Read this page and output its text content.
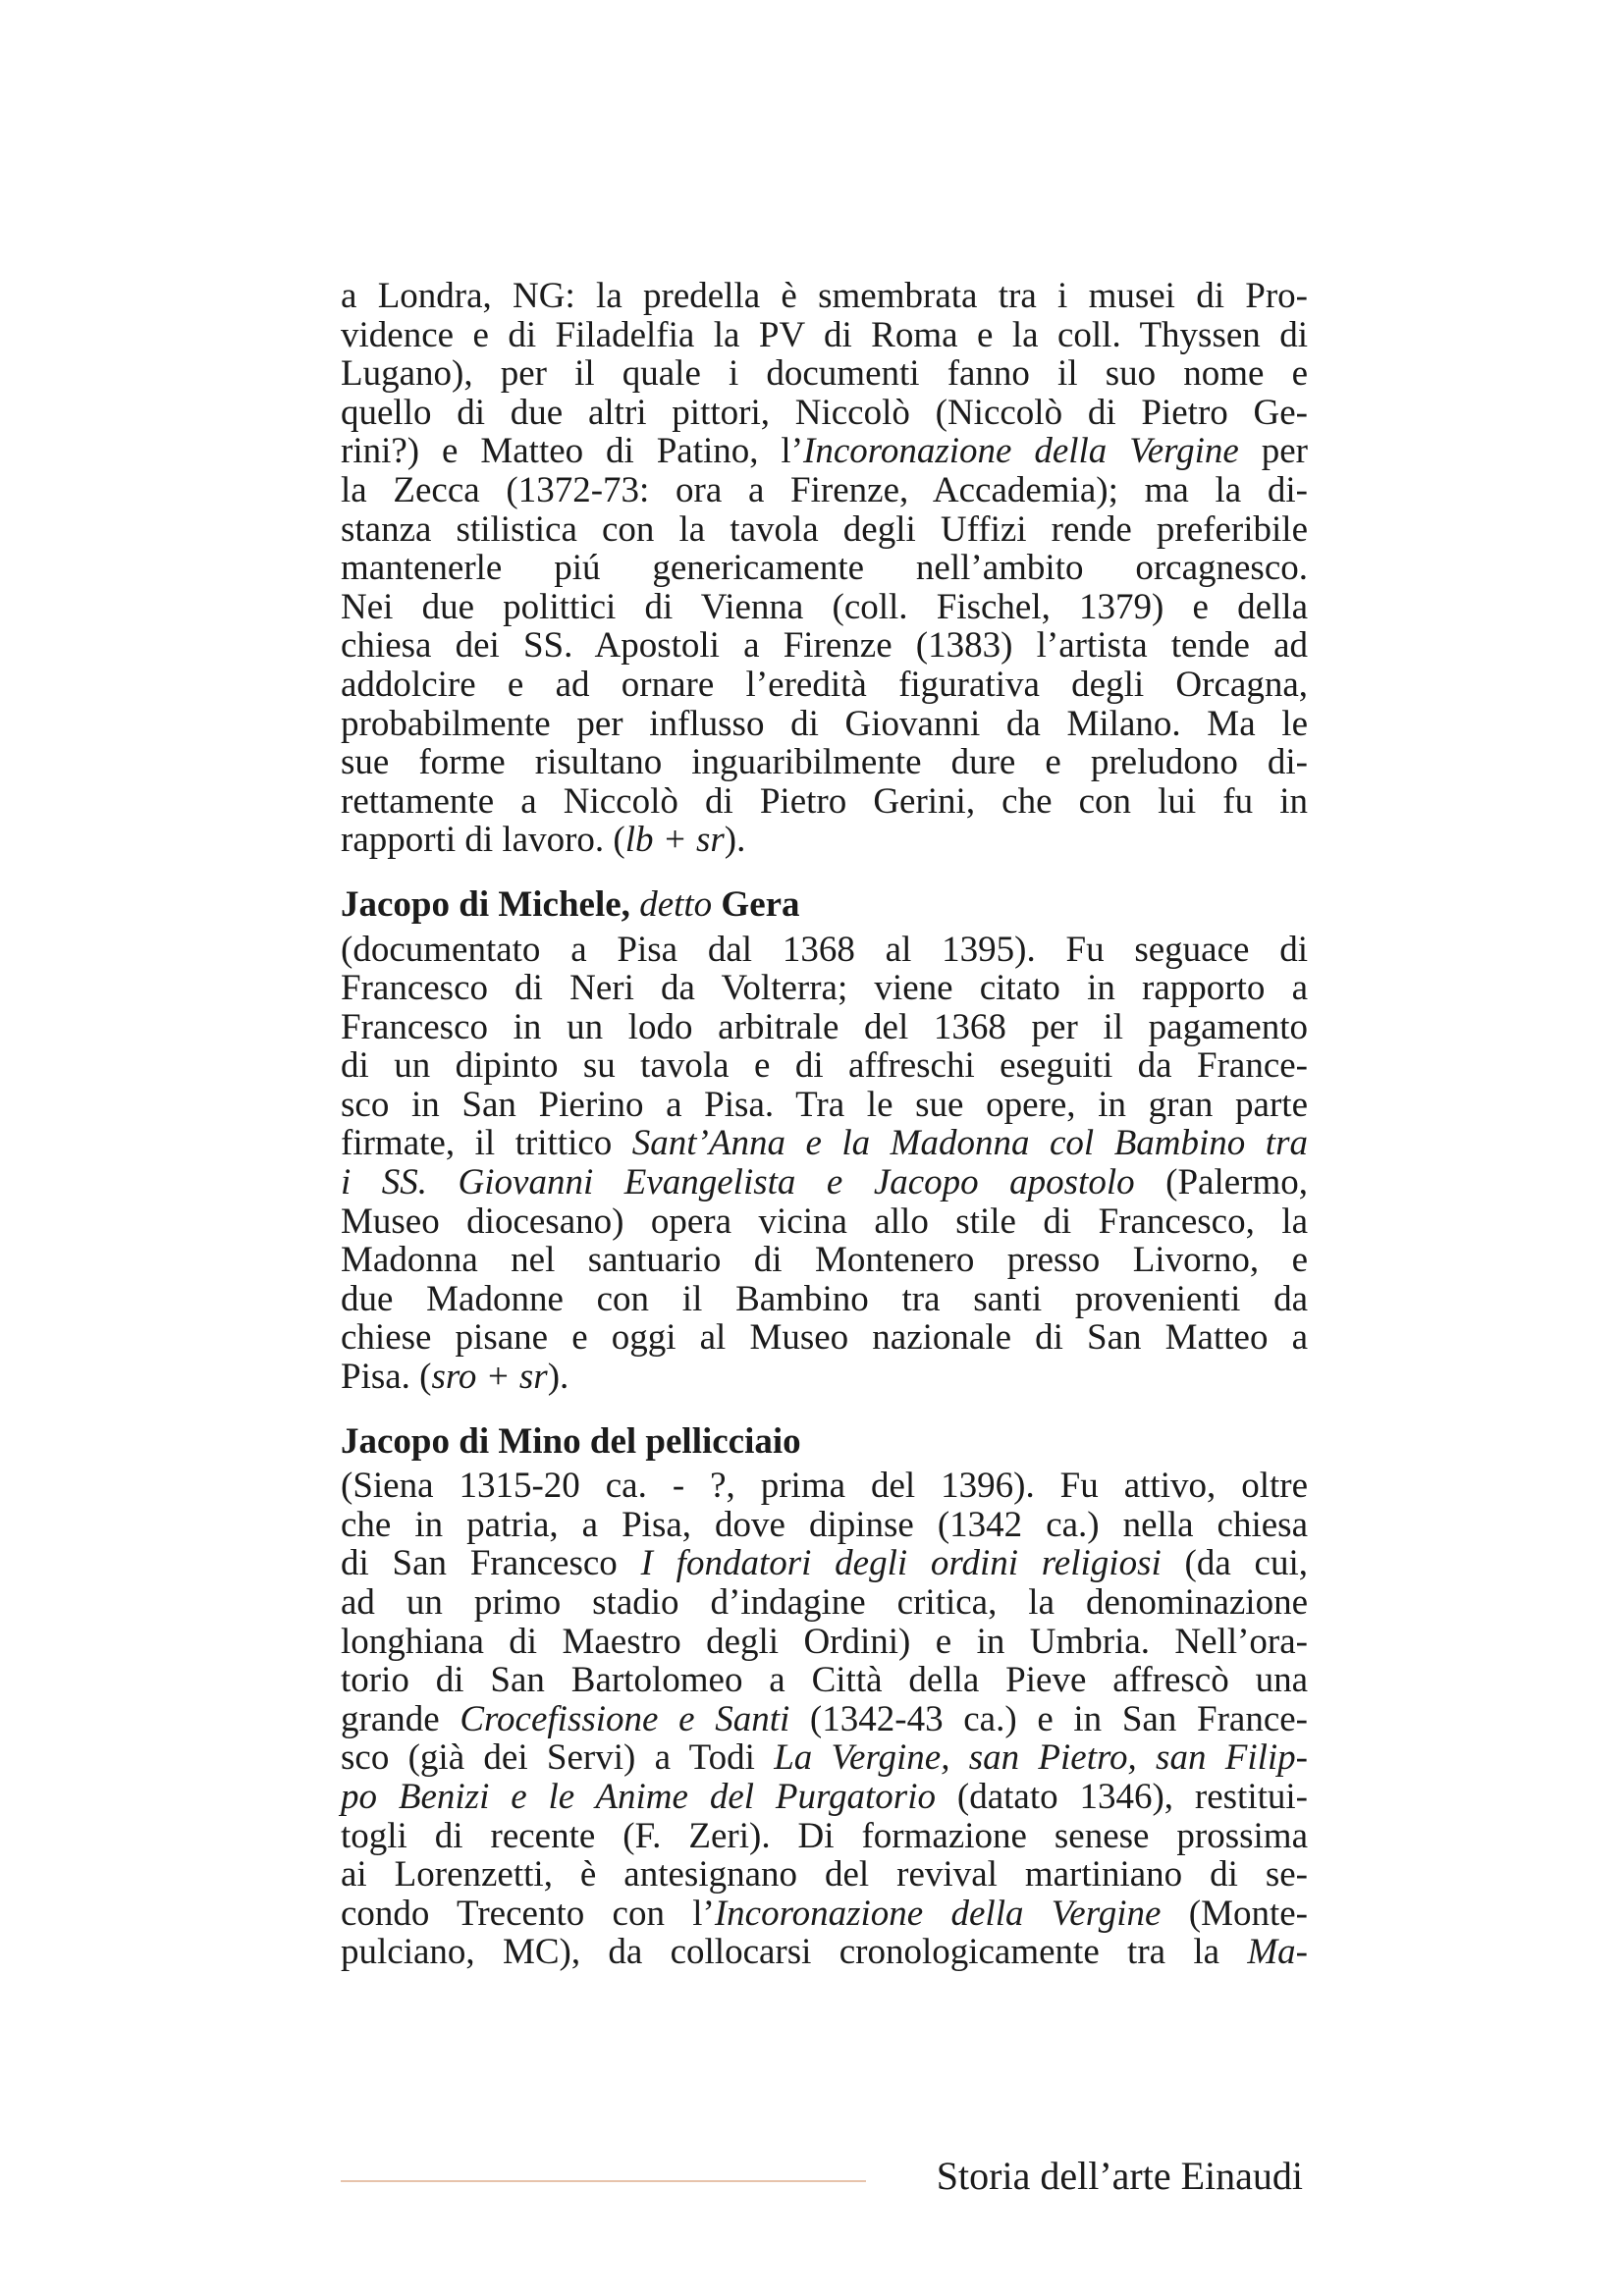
a Londra, NG: la predella è smembrata tra i musei di Pro-
vidence e di Filadelfia la PV di Roma e la coll. Thyssen di
Lugano), per il quale i documenti fanno il suo nome e
quello di due altri pittori, Niccolò (Niccolò di Pietro Ge-
rini?) e Matteo di Patino, l’Incoronazione della Vergine per
la Zecca (1372-73: ora a Firenze, Accademia); ma la di-
stanza stilistica con la tavola degli Uffizi rende preferibile
mantenerle piú genericamente nell’ambito orcagnesco.
Nei due polittici di Vienna (coll. Fischel, 1379) e della
chiesa dei SS. Apostoli a Firenze (1383) l’artista tende ad
addolcire e ad ornare l’eredità figurativa degli Orcagna,
probabilmente per influsso di Giovanni da Milano. Ma le
sue forme risultano inguaribilmente dure e preludono di-
rettamente a Niccolò di Pietro Gerini, che con lui fu in
rapporti di lavoro. (lb + sr).
Jacopo di Michele, detto Gera
(documentato a Pisa dal 1368 al 1395). Fu seguace di
Francesco di Neri da Volterra; viene citato in rapporto a
Francesco in un lodo arbitrale del 1368 per il pagamento
di un dipinto su tavola e di affreschi eseguiti da France-
sco in San Pierino a Pisa. Tra le sue opere, in gran parte
firmate, il trittico Sant’Anna e la Madonna col Bambino tra
i SS. Giovanni Evangelista e Jacopo apostolo (Palermo,
Museo diocesano) opera vicina allo stile di Francesco, la
Madonna nel santuario di Montenero presso Livorno, e
due Madonne con il Bambino tra santi provenienti da
chiese pisane e oggi al Museo nazionale di San Matteo a
Pisa. (sro + sr).
Jacopo di Mino del pellicciaio
(Siena 1315-20 ca. - ?, prima del 1396). Fu attivo, oltre
che in patria, a Pisa, dove dipinse (1342 ca.) nella chiesa
di San Francesco I fondatori degli ordini religiosi (da cui,
ad un primo stadio d’indagine critica, la denominazione
longhiana di Maestro degli Ordini) e in Umbria. Nell’ora-
torio di San Bartolomeo a Città della Pieve affrescò una
grande Crocefissione e Santi (1342-43 ca.) e in San France-
sco (già dei Servi) a Todi La Vergine, san Pietro, san Filip-
po Benizi e le Anime del Purgatorio (datato 1346), restitui-
togli di recente (F. Zeri). Di formazione senese prossima
ai Lorenzetti, è antesignano del revival martiniano di se-
condo Trecento con l’Incoronazione della Vergine (Monte-
pulciano, MC), da collocarsi cronologicamente tra la Ma-
Storia dell’arte Einaudi
